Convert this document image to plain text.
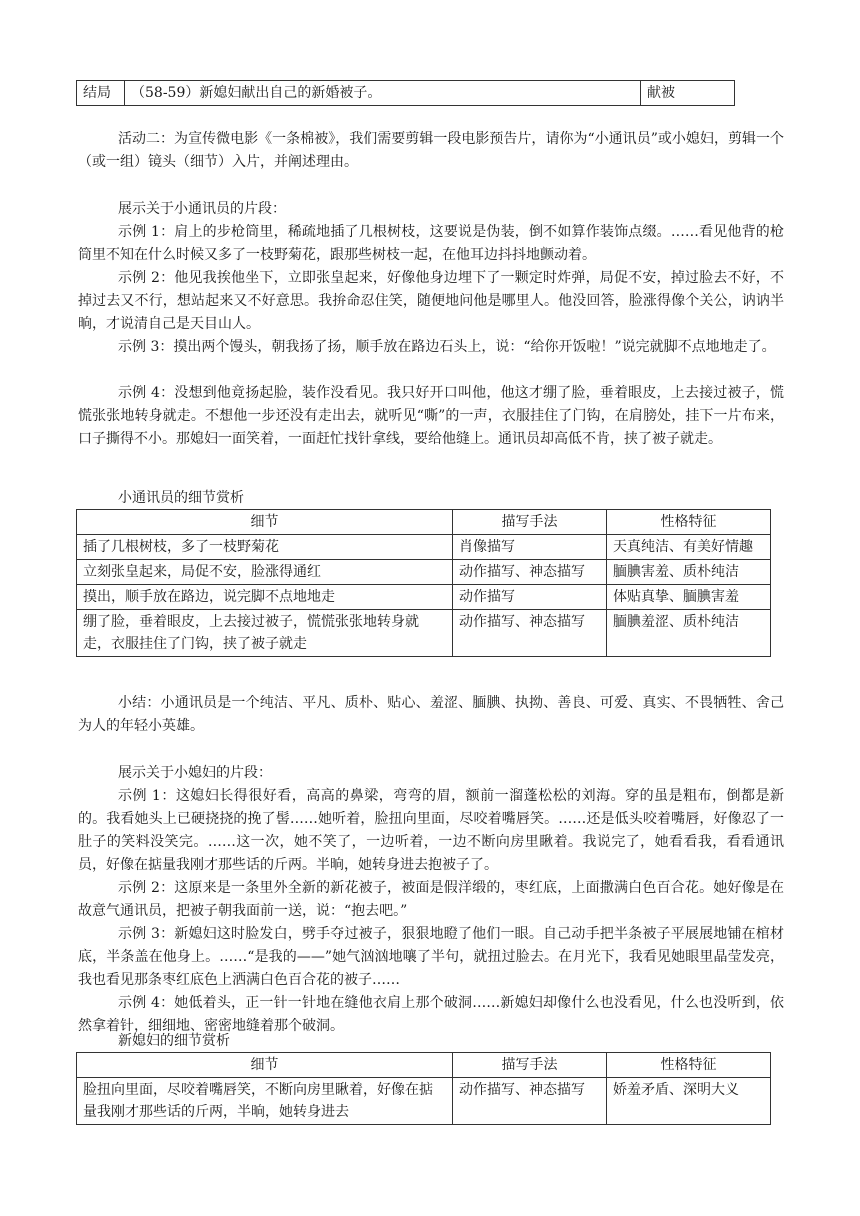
结局	（58-59）新媳妇献出自己的新婚被子。	献被

活动二：为宣传微电影《一条棉被》，我们需要剪辑一段电影预告片，请你为“小通讯员”或小媳妇，剪辑一个（或一组）镜头（细节）入片，并阐述理由。

展示关于小通讯员的片段：

示例 1：肩上的步枪筒里，稀疏地插了几根树枝，这要说是伪装，倒不如算作装饰点缀。……看见他背的枪筒里不知在什么时候又多了一枝野菊花，跟那些树枝一起，在他耳边抖抖地颤动着。

示例 2：他见我挨他坐下，立即张皇起来，好像他身边埋下了一颗定时炸弹，局促不安，掉过脸去不好，不掉过去又不行，想站起来又不好意思。我拚命忍住笑，随便地问他是哪里人。他没回答，脸涨得像个关公，讷讷半晌，才说清自己是天目山人。

示例 3：摸出两个馒头，朝我扬了扬，顺手放在路边石头上，说：“给你开饭啦！”说完就脚不点地地走了。

示例 4：没想到他竟扬起脸，装作没看见。我只好开口叫他，他这才绷了脸，垂着眼皮，上去接过被子，慌慌张张地转身就走。不想他一步还没有走出去，就听见“嘶”的一声，衣服挂住了门钩，在肩膀处，挂下一片布来，口子撕得不小。那媳妇一面笑着，一面赶忙找针拿线，要给他缝上。通讯员却高低不肯，挟了被子就走。

小通讯员的细节赏析
细节	描写手法	性格特征
插了几根树枝，多了一枝野菊花	肖像描写	天真纯洁、有美好情趣
立刻张皇起来，局促不安，脸涨得通红	动作描写、神态描写	腼腆害羞、质朴纯洁
摸出，顺手放在路边，说完脚不点地地走	动作描写	体贴真挚、腼腆害羞
绷了脸，垂着眼皮，上去接过被子，慌慌张张地转身就走，衣服挂住了门钩，挟了被子就走	动作描写、神态描写	腼腆羞涩、质朴纯洁

小结：小通讯员是一个纯洁、平凡、质朴、贴心、羞涩、腼腆、执拗、善良、可爱、真实、不畏牺牲、舍己为人的年轻小英雄。

展示关于小媳妇的片段：

示例 1：这媳妇长得很好看，高高的鼻梁，弯弯的眉，额前一溜蓬松松的刘海。穿的虽是粗布，倒都是新的。我看她头上已硬挠挠的挽了髻……她听着，脸扭向里面，尽咬着嘴唇笑。……还是低头咬着嘴唇，好像忍了一肚子的笑料没笑完。……这一次，她不笑了，一边听着，一边不断向房里瞅着。我说完了，她看看我，看看通讯员，好像在掂量我刚才那些话的斤两。半晌，她转身进去抱被子了。

示例 2：这原来是一条里外全新的新花被子，被面是假洋缎的，枣红底，上面撒满白色百合花。她好像是在故意气通讯员，把被子朝我面前一送，说：“抱去吧。”

示例 3：新媳妇这时脸发白，劈手夺过被子，狠狠地瞪了他们一眼。自己动手把半条被子平展展地铺在棺材底，半条盖在他身上。……“是我的——”她气汹汹地嚷了半句，就扭过脸去。在月光下，我看见她眼里晶莹发亮，我也看见那条枣红底色上洒满白色百合花的被子……

示例 4：她低着头，正一针一针地在缝他衣肩上那个破洞……新媳妇却像什么也没看见，什么也没听到，依然拿着针，细细地、密密地缝着那个破洞。

新媳妇的细节赏析
细节	描写手法	性格特征
脸扭向里面，尽咬着嘴唇笑，不断向房里瞅着，好像在掂量我刚才那些话的斤两，半晌，她转身进去	动作描写、神态描写	娇羞矛盾、深明大义
